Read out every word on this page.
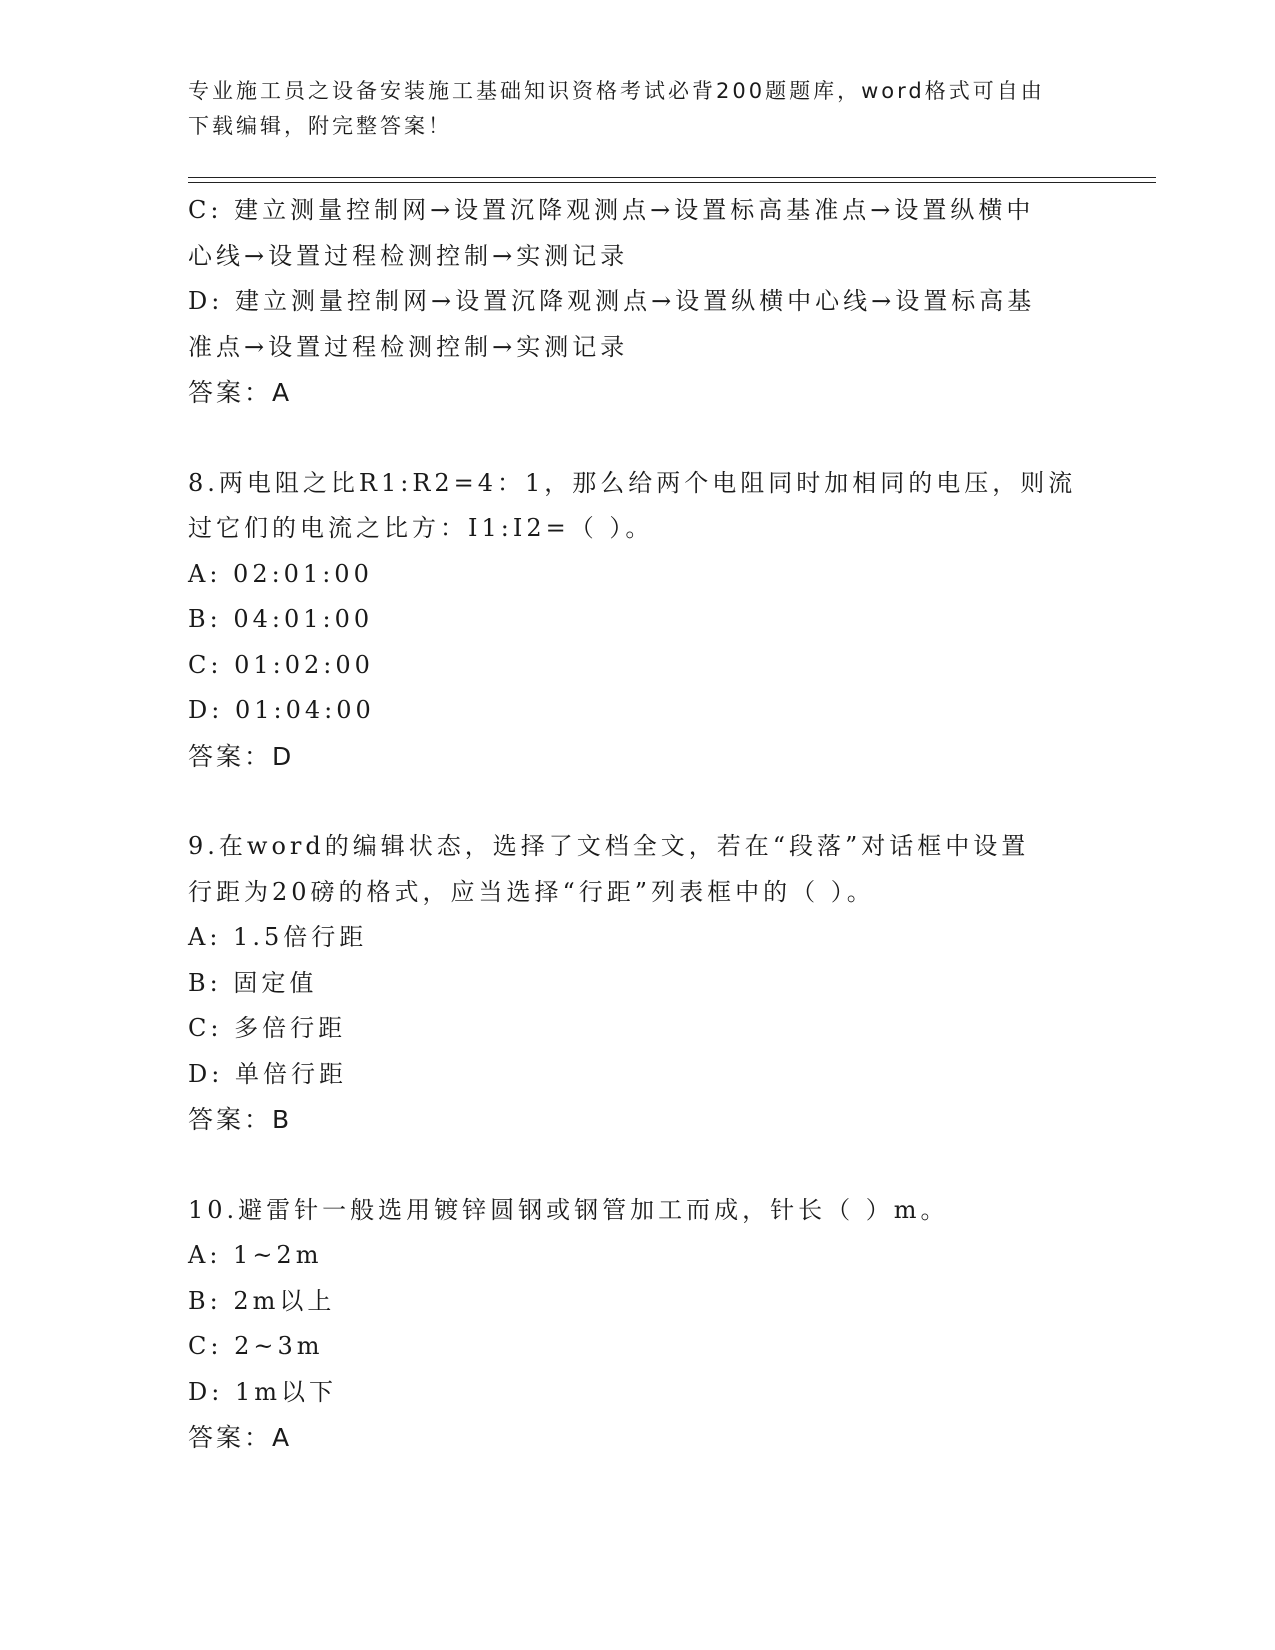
专业施工员之设备安装施工基础知识资格考试必背200题题库，word格式可自由
下载编辑，附完整答案！
C: 建立测量控制网→设置沉降观测点→设置标高基准点→设置纵横中
心线→设置过程检测控制→实测记录
D: 建立测量控制网→设置沉降观测点→设置纵横中心线→设置标高基
准点→设置过程检测控制→实测记录
答案：A
8.两电阻之比R1:R2=4：1，那么给两个电阻同时加相同的电压，则流
过它们的电流之比方：I1:I2=（ ）。
A: 02:01:00
B: 04:01:00
C: 01:02:00
D: 01:04:00
答案：D
9.在word的编辑状态，选择了文档全文，若在“段落”对话框中设置
行距为20磅的格式，应当选择“行距”列表框中的（ ）。
A: 1.5倍行距
B: 固定值
C: 多倍行距
D: 单倍行距
答案：B
10.避雷针一般选用镀锌圆钢或钢管加工而成，针长（ ）m。
A: 1~2m
B: 2m以上
C: 2~3m
D: 1m以下
答案：A
